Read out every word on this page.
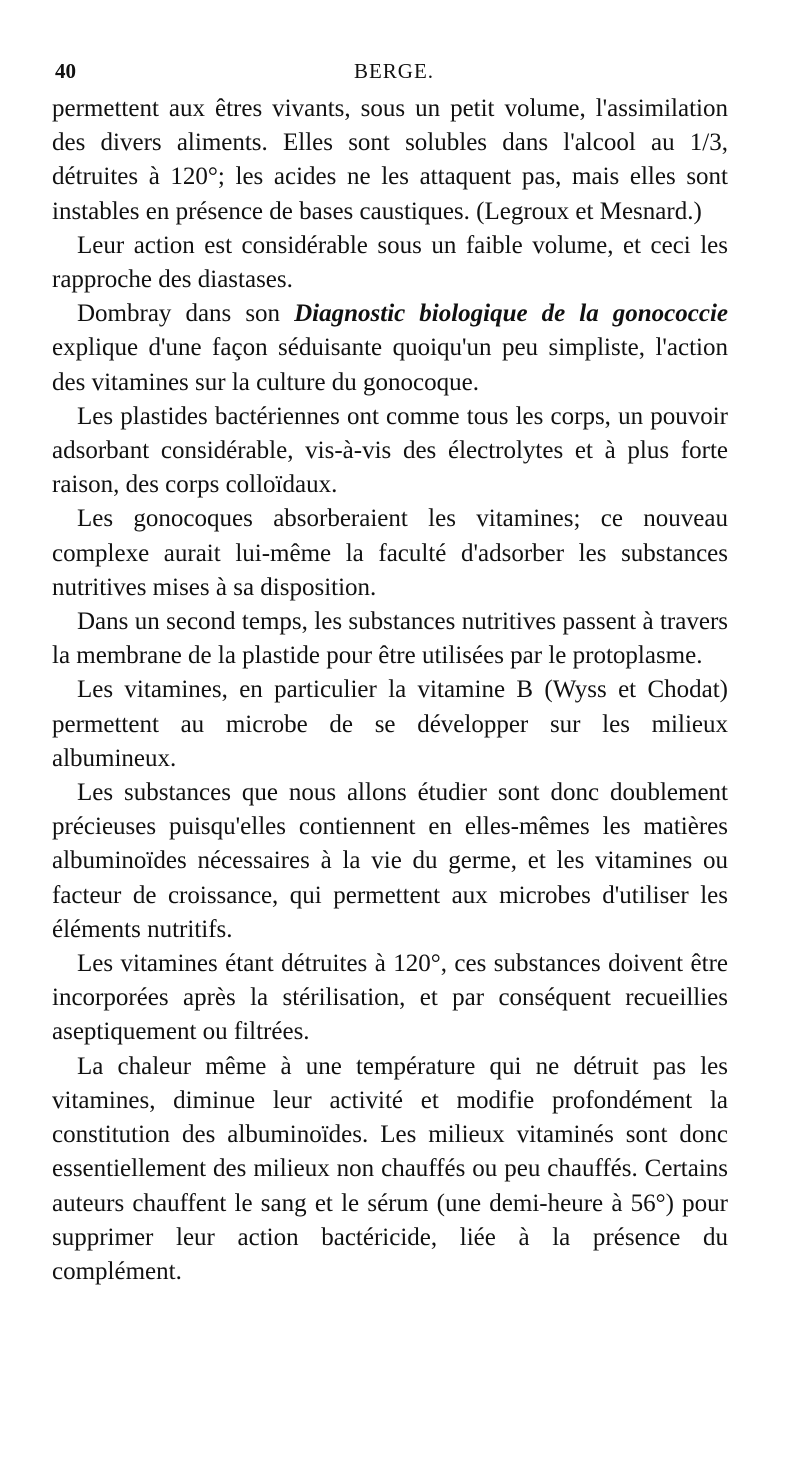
40	BERGE.

permettent aux êtres vivants, sous un petit volume, l'assimilation des divers aliments. Elles sont solubles dans l'alcool au 1/3, détruites à 120°; les acides ne les attaquent pas, mais elles sont instables en présence de bases caustiques. (Legroux et Mesnard.)

Leur action est considérable sous un faible volume, et ceci les rapproche des diastases.

Dombray dans son Diagnostic biologique de la gonococcie explique d'une façon séduisante quoiqu'un peu simpliste, l'action des vitamines sur la culture du gonocoque.

Les plastides bactériennes ont comme tous les corps, un pouvoir adsorbant considérable, vis-à-vis des électrolytes et à plus forte raison, des corps colloïdaux.

Les gonocoques absorberaient les vitamines; ce nouveau complexe aurait lui-même la faculté d'adsorber les substances nutritives mises à sa disposition.

Dans un second temps, les substances nutritives passent à travers la membrane de la plastide pour être utilisées par le protoplasme.

Les vitamines, en particulier la vitamine B (Wyss et Chodat) permettent au microbe de se développer sur les milieux albumineux.

Les substances que nous allons étudier sont donc doublement précieuses puisqu'elles contiennent en elles-mêmes les matières albuminoïdes nécessaires à la vie du germe, et les vitamines ou facteur de croissance, qui permettent aux microbes d'utiliser les éléments nutritifs.

Les vitamines étant détruites à 120°, ces substances doivent être incorporées après la stérilisation, et par conséquent recueillies aseptiquement ou filtrées.

La chaleur même à une température qui ne détruit pas les vitamines, diminue leur activité et modifie profondément la constitution des albuminoïdes. Les milieux vitaminés sont donc essentiellement des milieux non chauffés ou peu chauffés. Certains auteurs chauffent le sang et le sérum (une demi-heure à 56°) pour supprimer leur action bactéricide, liée à la présence du complément.
